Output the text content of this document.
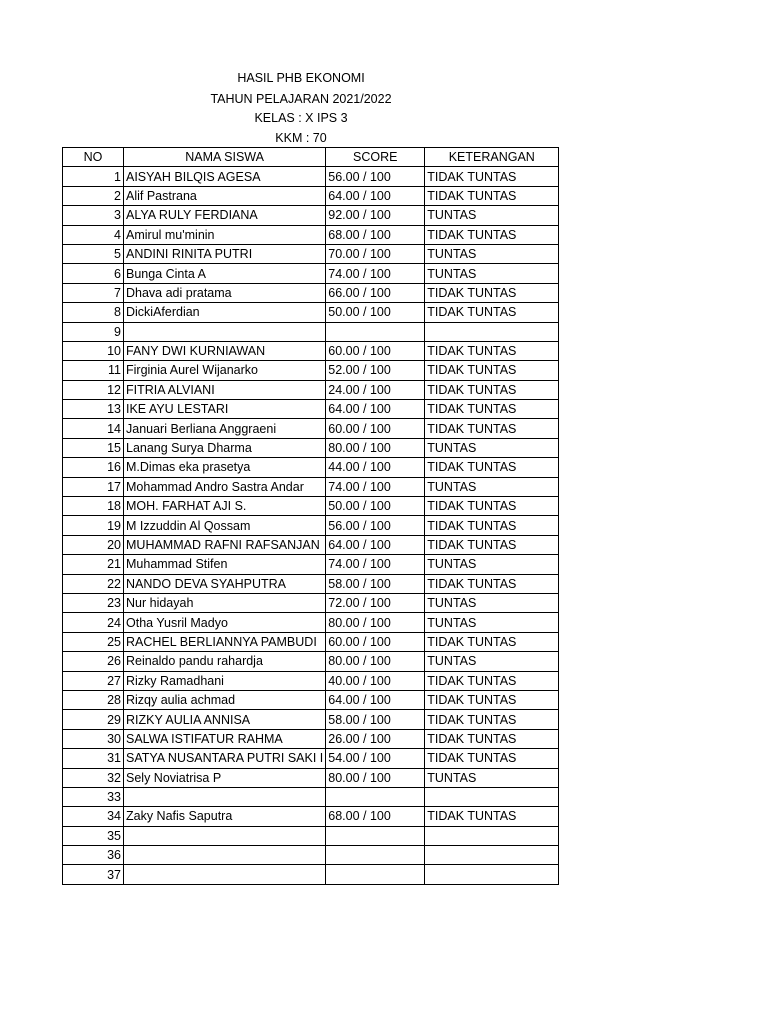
HASIL PHB EKONOMI
TAHUN PELAJARAN 2021/2022
KELAS : X IPS 3
KKM : 70
NO	NAMA SISWA	SCORE	KETERANGAN
1	AISYAH BILQIS AGESA	56.00 / 100	TIDAK TUNTAS
2	Alif Pastrana	64.00 / 100	TIDAK TUNTAS
3	ALYA RULY FERDIANA	92.00 / 100	TUNTAS
4	Amirul mu'minin	68.00 / 100	TIDAK TUNTAS
5	ANDINI RINITA PUTRI	70.00 / 100	TUNTAS
6	Bunga Cinta A	74.00 / 100	TUNTAS
7	Dhava adi pratama	66.00 / 100	TIDAK TUNTAS
8	DickiAferdian	50.00 / 100	TIDAK TUNTAS
9			
10	FANY DWI KURNIAWAN	60.00 / 100	TIDAK TUNTAS
11	Firginia Aurel Wijanarko	52.00 / 100	TIDAK TUNTAS
12	FITRIA ALVIANI	24.00 / 100	TIDAK TUNTAS
13	IKE AYU LESTARI	64.00 / 100	TIDAK TUNTAS
14	Januari Berliana Anggraeni	60.00 / 100	TIDAK TUNTAS
15	Lanang Surya Dharma	80.00 / 100	TUNTAS
16	M.Dimas eka prasetya	44.00 / 100	TIDAK TUNTAS
17	Mohammad Andro Sastra Andar	74.00 / 100	TUNTAS
18	MOH. FARHAT AJI S.	50.00 / 100	TIDAK TUNTAS
19	M Izzuddin Al Qossam	56.00 / 100	TIDAK TUNTAS
20	MUHAMMAD RAFNI RAFSANJAN	64.00 / 100	TIDAK TUNTAS
21	Muhammad Stifen	74.00 / 100	TUNTAS
22	NANDO DEVA SYAHPUTRA	58.00 / 100	TIDAK TUNTAS
23	Nur hidayah	72.00 / 100	TUNTAS
24	Otha Yusril Madyo	80.00 / 100	TUNTAS
25	RACHEL BERLIANNYA PAMBUDI	60.00 / 100	TIDAK TUNTAS
26	Reinaldo pandu rahardja	80.00 / 100	TUNTAS
27	Rizky Ramadhani	40.00 / 100	TIDAK TUNTAS
28	Rizqy aulia achmad	64.00 / 100	TIDAK TUNTAS
29	RIZKY AULIA ANNISA	58.00 / 100	TIDAK TUNTAS
30	SALWA ISTIFATUR RAHMA	26.00 / 100	TIDAK TUNTAS
31	SATYA NUSANTARA PUTRI SAKI I	54.00 / 100	TIDAK TUNTAS
32	Sely Noviatrisa P	80.00 / 100	TUNTAS
33			
34	Zaky Nafis Saputra	68.00 / 100	TIDAK TUNTAS
35			
36			
37			
